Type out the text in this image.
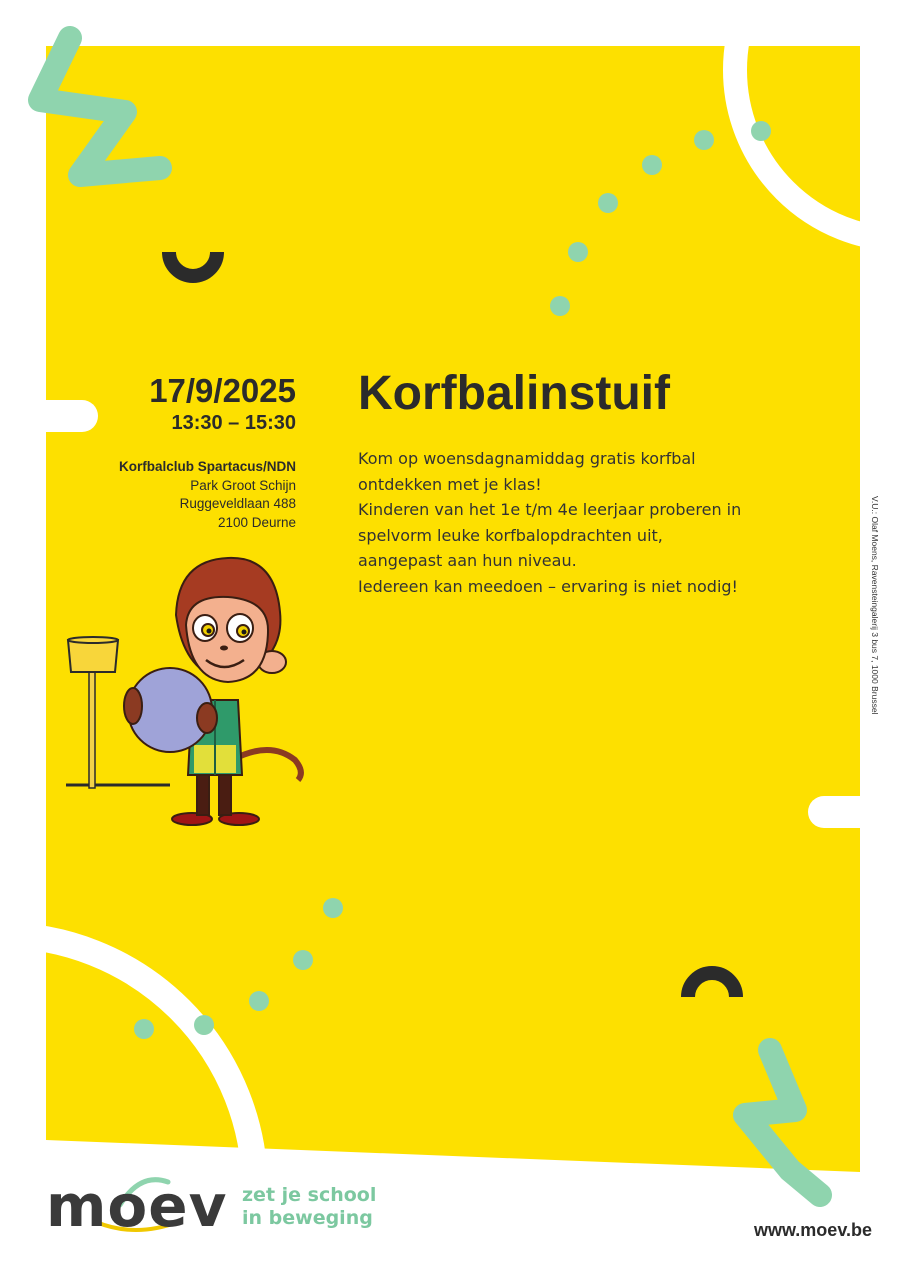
17/9/2025
13:30 – 15:30
Korfbalclub Spartacus/NDN
Park Groot Schijn
Ruggeveldlaan 488
2100 Deurne
Korfbalinstuif
Kom op woensdagnamiddag gratis korfbal
ontdekken met je klas!
Kinderen van het 1e t/m 4e leerjaar proberen in
spelvorm leuke korfbalopdrachten uit,
aangepast aan hun niveau.
Iedereen kan meedoen – ervaring is niet nodig!	V.U.: Olaf Moens, Ravensteingalerij 3 bus 7, 1000 Brussel
moev zet je school
in beweging
www.moev.be
